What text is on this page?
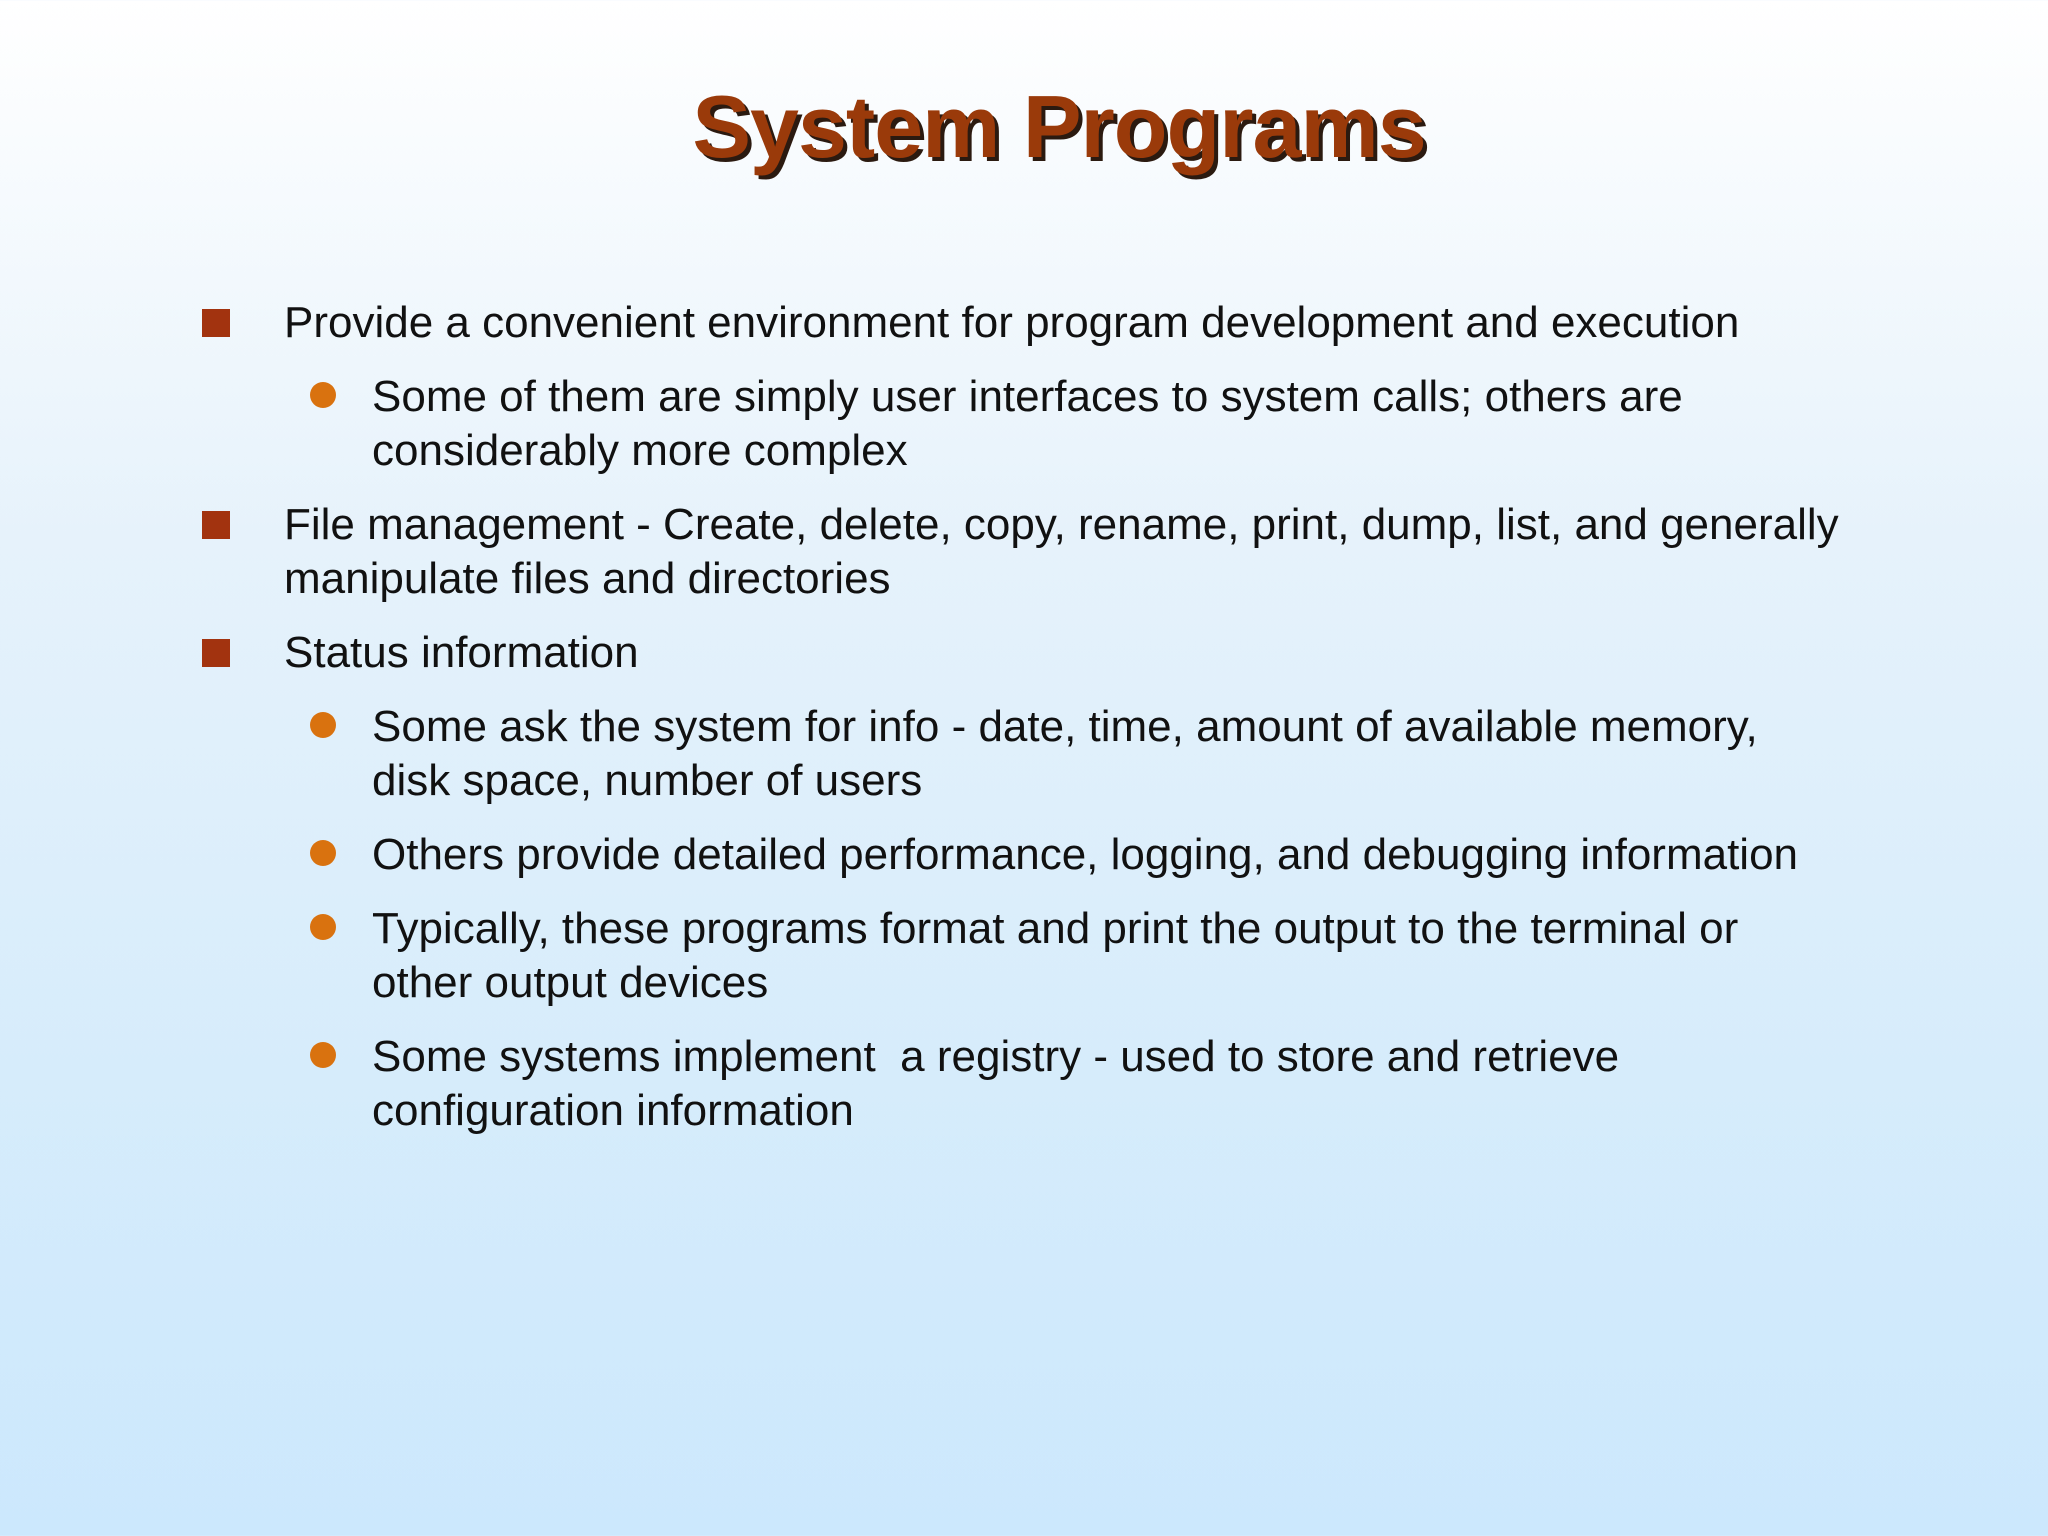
System Programs
Provide a convenient environment for program development and execution
Some of them are simply user interfaces to system calls; others are considerably more complex
File management - Create, delete, copy, rename, print, dump, list, and generally manipulate files and directories
Status information
Some ask the system for info - date, time, amount of available memory, disk space, number of users
Others provide detailed performance, logging, and debugging information
Typically, these programs format and print the output to the terminal or other output devices
Some systems implement  a registry - used to store and retrieve configuration information
